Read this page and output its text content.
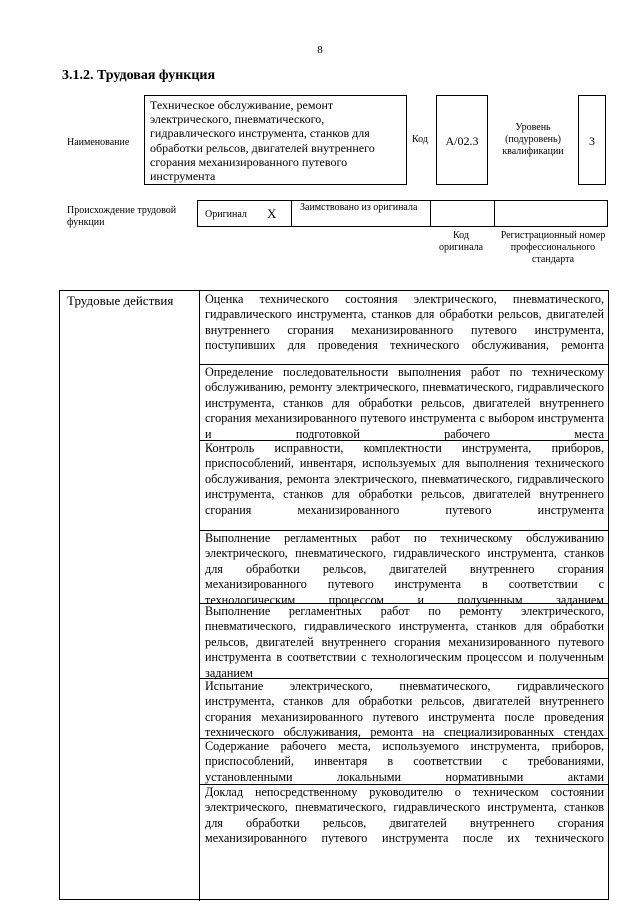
8
3.1.2. Трудовая функция
Наименование
Техническое обслуживание, ремонт электрического, пневматического, гидравлического инструмента, станков для обработки рельсов, двигателей внутреннего сгорания механизированного путевого инструмента
Код	А/02.3
Уровень (подуровень) квалификации
3
Происхождение трудовой функции
Оригинал X Заимствовано из оригинала
Код оригинала
Регистрационный номер профессионального стандарта
Трудовые действия	Оценка технического состояния электрического, пневматического, гидравлического инструмента, станков для обработки рельсов, двигателей внутреннего сгорания механизированного путевого инструмента, поступивших для проведения технического обслуживания, ремонта
Определение последовательности выполнения работ по техническому обслуживанию, ремонту электрического, пневматического, гидравлического инструмента, станков для обработки рельсов, двигателей внутреннего сгорания механизированного путевого инструмента с выбором инструмента и подготовкой рабочего места
Контроль исправности, комплектности инструмента, приборов, приспособлений, инвентаря, используемых для выполнения технического обслуживания, ремонта электрического, пневматического, гидравлического инструмента, станков для обработки рельсов, двигателей внутреннего сгорания механизированного путевого инструмента
Выполнение регламентных работ по техническому обслуживанию электрического, пневматического, гидравлического инструмента, станков для обработки рельсов, двигателей внутреннего сгорания механизированного путевого инструмента в соответствии с технологическим процессом и полученным заданием
Выполнение регламентных работ по ремонту электрического, пневматического, гидравлического инструмента, станков для обработки рельсов, двигателей внутреннего сгорания механизированного путевого инструмента в соответствии с технологическим процессом и полученным заданием
Испытание электрического, пневматического, гидравлического инструмента, станков для обработки рельсов, двигателей внутреннего сгорания механизированного путевого инструмента после проведения технического обслуживания, ремонта на специализированных стендах
Содержание рабочего места, используемого инструмента, приборов, приспособлений, инвентаря в соответствии с требованиями, установленными локальными нормативными актами
Доклад непосредственному руководителю о техническом состоянии электрического, пневматического, гидравлического инструмента, станков для обработки рельсов, двигателей внутреннего сгорания механизированного путевого инструмента после их технического
